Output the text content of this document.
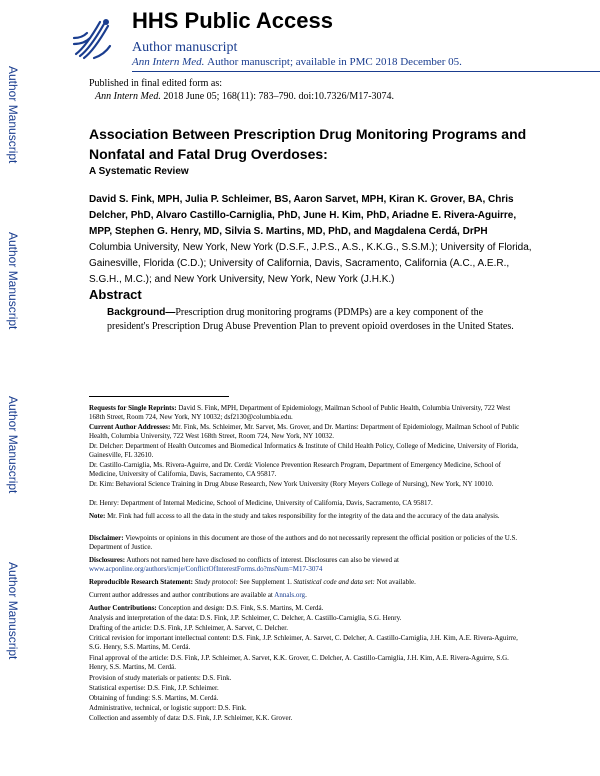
HHS Public Access
Author manuscript
Ann Intern Med. Author manuscript; available in PMC 2018 December 05.
Author Manuscript
Author Manuscript
Author Manuscript
Author Manuscript
Published in final edited form as:
Ann Intern Med. 2018 June 05; 168(11): 783–790. doi:10.7326/M17-3074.
Association Between Prescription Drug Monitoring Programs and Nonfatal and Fatal Drug Overdoses:
A Systematic Review
David S. Fink, MPH, Julia P. Schleimer, BS, Aaron Sarvet, MPH, Kiran K. Grover, BA, Chris Delcher, PhD, Alvaro Castillo-Carniglia, PhD, June H. Kim, PhD, Ariadne E. Rivera-Aguirre, MPP, Stephen G. Henry, MD, Silvia S. Martins, MD, PhD, and Magdalena Cerdá, DrPH
Columbia University, New York, New York (D.S.F., J.P.S., A.S., K.K.G., S.S.M.); University of Florida, Gainesville, Florida (C.D.); University of California, Davis, Sacramento, California (A.C., A.E.R., S.G.H., M.C.); and New York University, New York, New York (J.H.K.)
Abstract
Background—Prescription drug monitoring programs (PDMPs) are a key component of the president's Prescription Drug Abuse Prevention Plan to prevent opioid overdoses in the United States.
Requests for Single Reprints: David S. Fink, MPH, Department of Epidemiology, Mailman School of Public Health, Columbia University, 722 West 168th Street, Room 724, New York, NY 10032; dsf2130@columbia.edu.
Current Author Addresses: Mr. Fink, Ms. Schleimer, Mr. Sarvet, Ms. Grover, and Dr. Martins: Department of Epidemiology, Mailman School of Public Health, Columbia University, 722 West 168th Street, Room 724, New York, NY 10032.
Dr. Delcher: Department of Health Outcomes and Biomedical Informatics & Institute of Child Health Policy, College of Medicine, University of Florida, Gainesville, FL 32610.
Dr. Castillo-Carniglia, Ms. Rivera-Aguirre, and Dr. Cerdá: Violence Prevention Research Program, Department of Emergency Medicine, School of Medicine, University of California, Davis, Sacramento, CA 95817.
Dr. Kim: Behavioral Science Training in Drug Abuse Research, New York University (Rory Meyers College of Nursing), New York, NY 10010.
Dr. Henry: Department of Internal Medicine, School of Medicine, University of California, Davis, Sacramento, CA 95817.
Note: Mr. Fink had full access to all the data in the study and takes responsibility for the integrity of the data and the accuracy of the data analysis.
Disclaimer: Viewpoints or opinions in this document are those of the authors and do not necessarily represent the official position or policies of the U.S. Department of Justice.
Disclosures: Authors not named here have disclosed no conflicts of interest. Disclosures can also be viewed at www.acponline.org/authors/icmje/ConflictOfInterestForms.do?msNum=M17-3074
Reproducible Research Statement: Study protocol: See Supplement 1. Statistical code and data set: Not available.
Current author addresses and author contributions are available at Annals.org.
Author Contributions: Conception and design: D.S. Fink, S.S. Martins, M. Cerdá.
Analysis and interpretation of the data: D.S. Fink, J.P. Schleimer, C. Delcher, A. Castillo-Carniglia, S.G. Henry.
Drafting of the article: D.S. Fink, J.P. Schleimer, A. Sarvet, C. Delcher.
Critical revision for important intellectual content: D.S. Fink, J.P. Schleimer, A. Sarvet, C. Delcher, A. Castillo-Carniglia, J.H. Kim, A.E. Rivera-Aguirre, S.G. Henry, S.S. Martins, M. Cerdá.
Final approval of the article: D.S. Fink, J.P. Schleimer, A. Sarvet, K.K. Grover, C. Delcher, A. Castillo-Carniglia, J.H. Kim, A.E. Rivera-Aguirre, S.G. Henry, S.S. Martins, M. Cerdá.
Provision of study materials or patients: D.S. Fink.
Statistical expertise: D.S. Fink, J.P. Schleimer.
Obtaining of funding: S.S. Martins, M. Cerdá.
Administrative, technical, or logistic support: D.S. Fink.
Collection and assembly of data: D.S. Fink, J.P. Schleimer, K.K. Grover.
